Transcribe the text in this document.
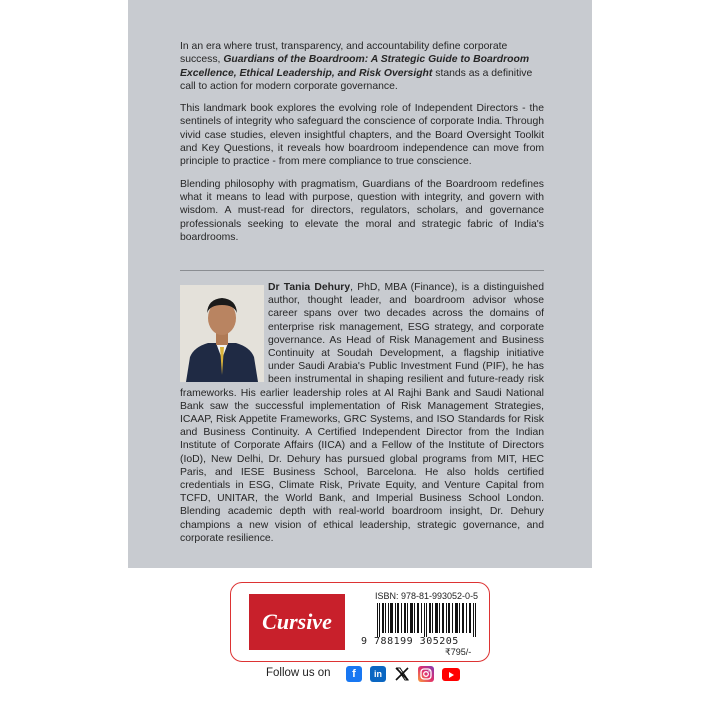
In an era where trust, transparency, and accountability define corporate success, Guardians of the Boardroom: A Strategic Guide to Boardroom Excellence, Ethical Leadership, and Risk Oversight stands as a definitive call to action for modern corporate governance.

This landmark book explores the evolving role of Independent Directors - the sentinels of integrity who safeguard the conscience of corporate India. Through vivid case studies, eleven insightful chapters, and the Board Oversight Toolkit and Key Questions, it reveals how boardroom independence can move from principle to practice - from mere compliance to true conscience.

Blending philosophy with pragmatism, Guardians of the Boardroom redefines what it means to lead with purpose, question with integrity, and govern with wisdom. A must-read for directors, regulators, scholars, and governance professionals seeking to elevate the moral and strategic fabric of India's boardrooms.

Dr Tania Dehury, PhD, MBA (Finance), is a distinguished author, thought leader, and boardroom advisor whose career spans over two decades across the domains of enterprise risk management, ESG strategy, and corporate governance. As Head of Risk Management and Business Continuity at Soudah Development, a flagship initiative under Saudi Arabia's Public Investment Fund (PIF), he has been instrumental in shaping resilient and future-ready risk frameworks. His earlier leadership roles at Al Rajhi Bank and Saudi National Bank saw the successful implementation of Risk Management Strategies, ICAAP, Risk Appetite Frameworks, GRC Systems, and ISO Standards for Risk and Business Continuity. A Certified Independent Director from the Indian Institute of Corporate Affairs (IICA) and a Fellow of the Institute of Directors (IoD), New Delhi, Dr. Dehury has pursued global programs from MIT, HEC Paris, and IESE Business School, Barcelona. He also holds certified credentials in ESG, Climate Risk, Private Equity, and Venture Capital from TCFD, UNITAR, the World Bank, and Imperial Business School London. Blending academic depth with real-world boardroom insight, Dr. Dehury champions a new vision of ethical leadership, strategic governance, and corporate resilience.
Cursive
ISBN: 978-81-993052-0-5
9 788199 305205
₹795/-
Follow us on f in
